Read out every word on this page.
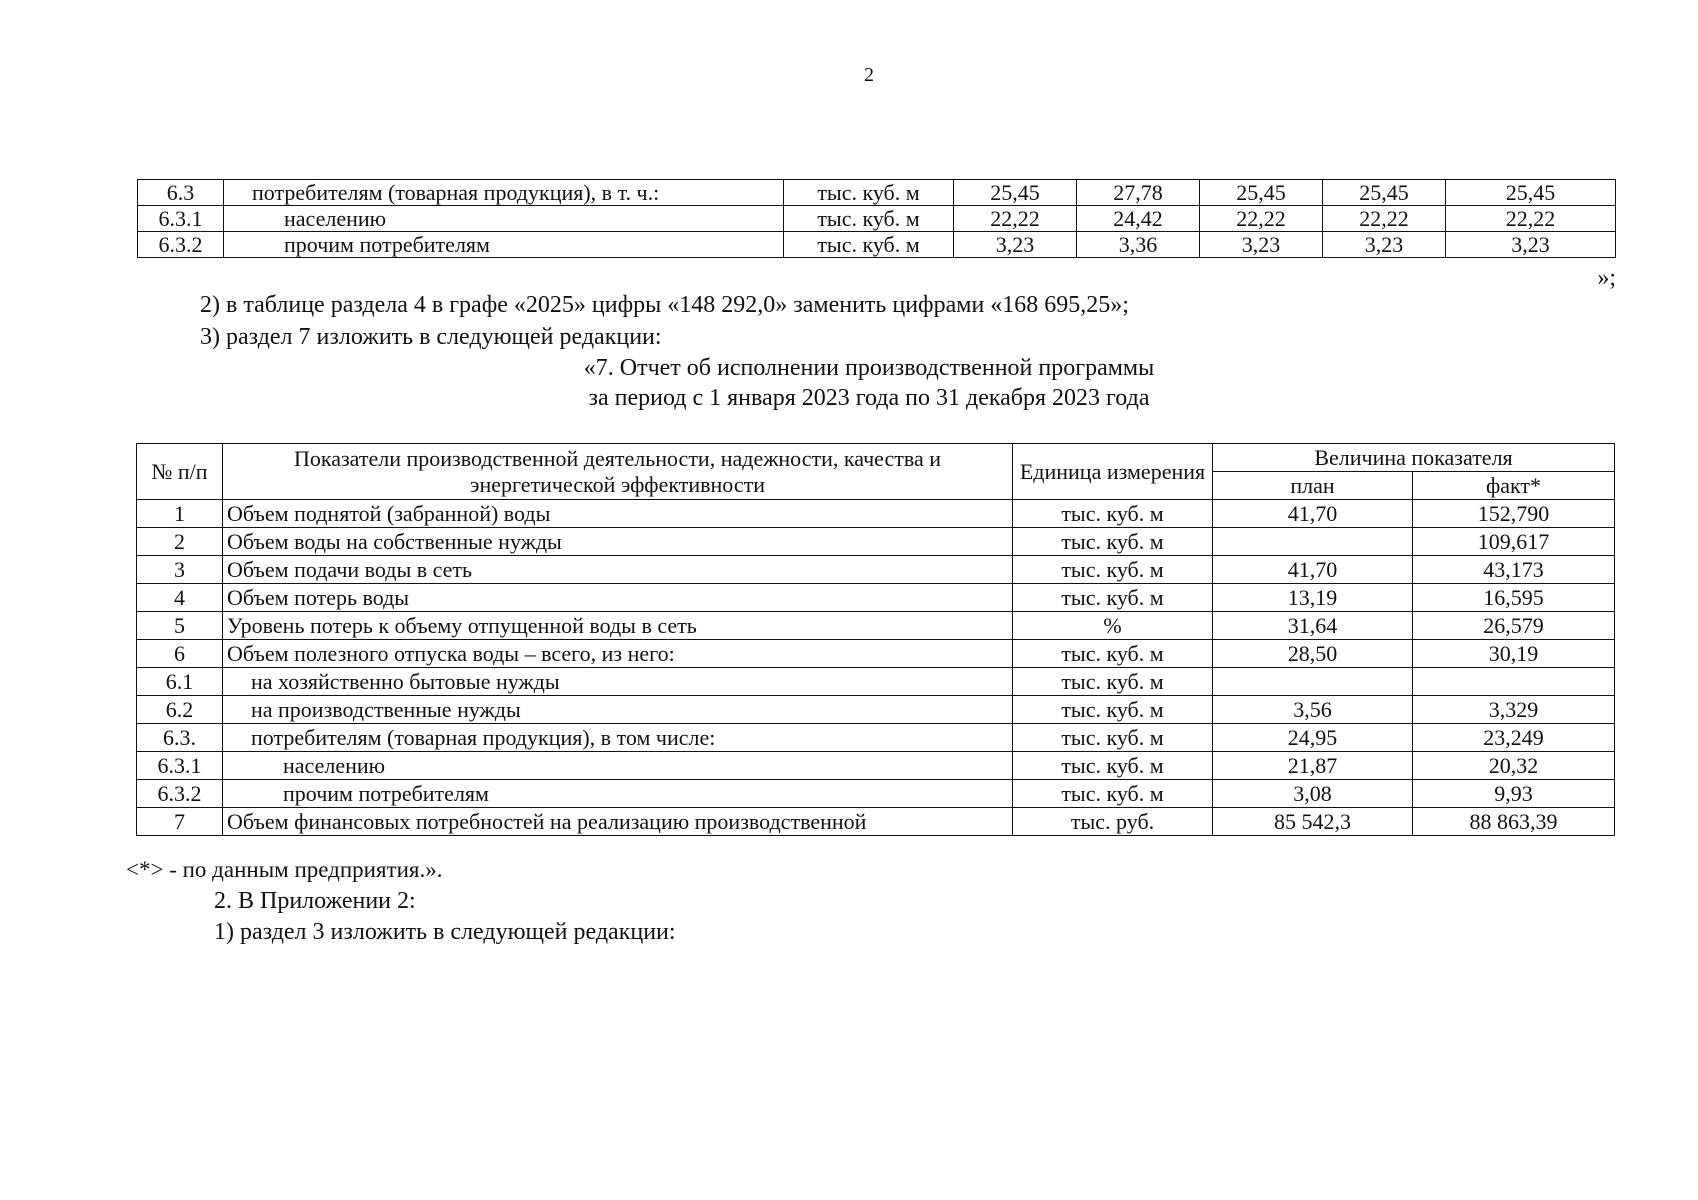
2
6.3	потребителям (товарная продукция), в т. ч.:	тыс. куб. м	25,45	27,78	25,45	25,45	25,45
6.3.1	населению	тыс. куб. м	22,22	24,42	22,22	22,22	22,22
6.3.2	прочим потребителям	тыс. куб. м	3,23	3,36	3,23	3,23	3,23
»;
2) в таблице раздела 4 в графе «2025» цифры «148 292,0» заменить цифрами «168 695,25»;
3) раздел 7 изложить в следующей редакции:
«7. Отчет об исполнении производственной программы
за период с 1 января 2023 года по 31 декабря 2023 года
№ п/п	Показатели производственной деятельности, надежности, качества и энергетической эффективности	Единица измерения	Величина показателя	
			план	факт*
1	Объем поднятой (забранной) воды	тыс. куб. м	41,70	152,790
2	Объем воды на собственные нужды	тыс. куб. м		109,617
3	Объем подачи воды в сеть	тыс. куб. м	41,70	43,173
4	Объем потерь воды	тыс. куб. м	13,19	16,595
5	Уровень потерь к объему отпущенной воды в сеть	%	31,64	26,579
6	Объем полезного отпуска воды – всего, из него:	тыс. куб. м	28,50	30,19
6.1	на хозяйственно бытовые нужды	тыс. куб. м		
6.2	на производственные нужды	тыс. куб. м	3,56	3,329
6.3.	потребителям (товарная продукция), в том числе:	тыс. куб. м	24,95	23,249
6.3.1	населению	тыс. куб. м	21,87	20,32
6.3.2	прочим потребителям	тыс. куб. м	3,08	9,93
7	Объем финансовых потребностей на реализацию производственной	тыс. руб.	85 542,3	88 863,39
<*> - по данным предприятия.».
2. В Приложении 2:
1) раздел 3 изложить в следующей редакции:
